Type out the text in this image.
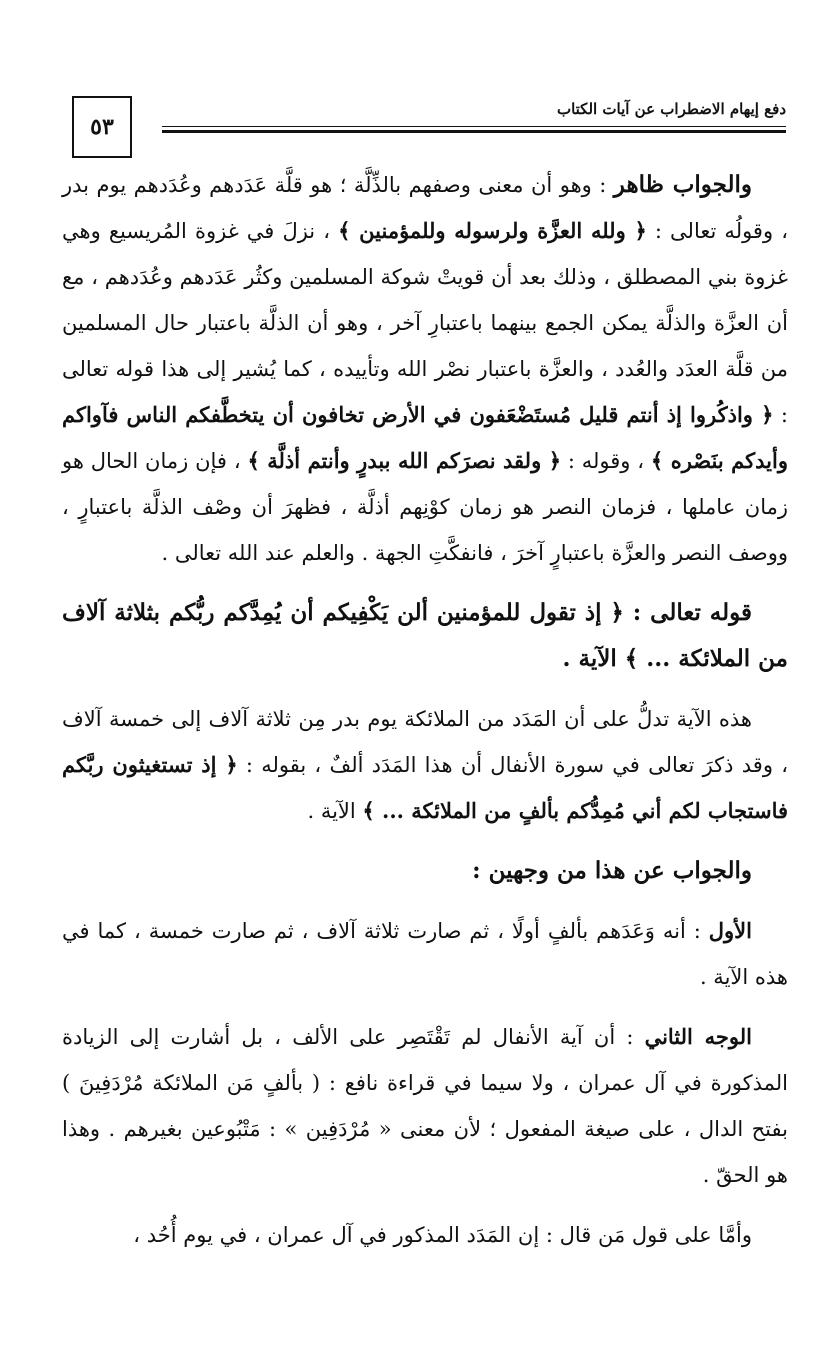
٥٣
دفع إيهام الاضطراب عن آيات الكتاب

والجواب ظاهر : وهو أن معنى وصفهم بالذِّلَّة ؛ هو قلَّة عَدَدهم وعُدَدهم يوم بدر ، وقولُه تعالى : ﴿ ولله العزَّة ولرسوله وللمؤمنين ﴾ ، نزلَ في غزوة المُريسيع وهي غزوة بني المصطلق ، وذلك بعد أن قويتْ شوكة المسلمين وكثُر عَدَدهم وعُدَدهم ، مع أن العزَّة والذلَّة يمكن الجمع بينهما باعتبارِ آخر ، وهو أن الذلَّة باعتبار حال المسلمين من قلَّة العدَد والعُدد ، والعزَّة باعتبار نصْر الله وتأييده ، كما يُشير إلى هذا قوله تعالى : ﴿ واذكُروا إذ أنتم قليل مُستَضْعَفون في الأرض تخافون أن يتخطَّفكم الناس فآواكم وأيدكم بنَصْره ﴾ ، وقوله : ﴿ ولقد نصرَكم الله ببدرٍ وأنتم أذلَّة ﴾ ، فإن زمان الحال هو زمان عاملها ، فزمان النصر هو زمان كوْنِهم أذلَّة ، فظهرَ أن وصْف الذلَّة باعتبارٍ ، ووصف النصر والعزَّة باعتبارٍ آخرَ ، فانفكَّتِ الجهة . والعلم عند الله تعالى .

قوله تعالى : ﴿ إذ تقول للمؤمنين ألن يَكْفِيكم أن يُمِدَّكم ربُّكم بثلاثة آلاف من الملائكة ... ﴾ الآية .

هذه الآية تدلُّ على أن المَدَد من الملائكة يوم بدر مِن ثلاثة آلاف إلى خمسة آلاف ، وقد ذكرَ تعالى في سورة الأنفال أن هذا المَدَد ألفٌ ، بقوله : ﴿ إذ تستغيثون ربَّكم فاستجاب لكم أني مُمِدُّكم بألفٍ من الملائكة ... ﴾ الآية .

والجواب عن هذا من وجهين :

الأول : أنه وَعَدَهم بألفٍ أولًا ، ثم صارت ثلاثة آلاف ، ثم صارت خمسة ، كما في هذه الآية .

الوجه الثاني : أن آية الأنفال لم تَقْتَصِر على الألف ، بل أشارت إلى الزيادة المذكورة في آل عمران ، ولا سيما في قراءة نافع : ( بألفٍ مَن الملائكة مُرْدَفِينَ ) بفتح الدال ، على صيغة المفعول ؛ لأن معنى « مُرْدَفِين » : مَتْبُوعين بغيرهم . وهذا هو الحقّ .

وأمَّا على قول مَن قال : إن المَدَد المذكور في آل عمران ، في يوم أُحُد ،
